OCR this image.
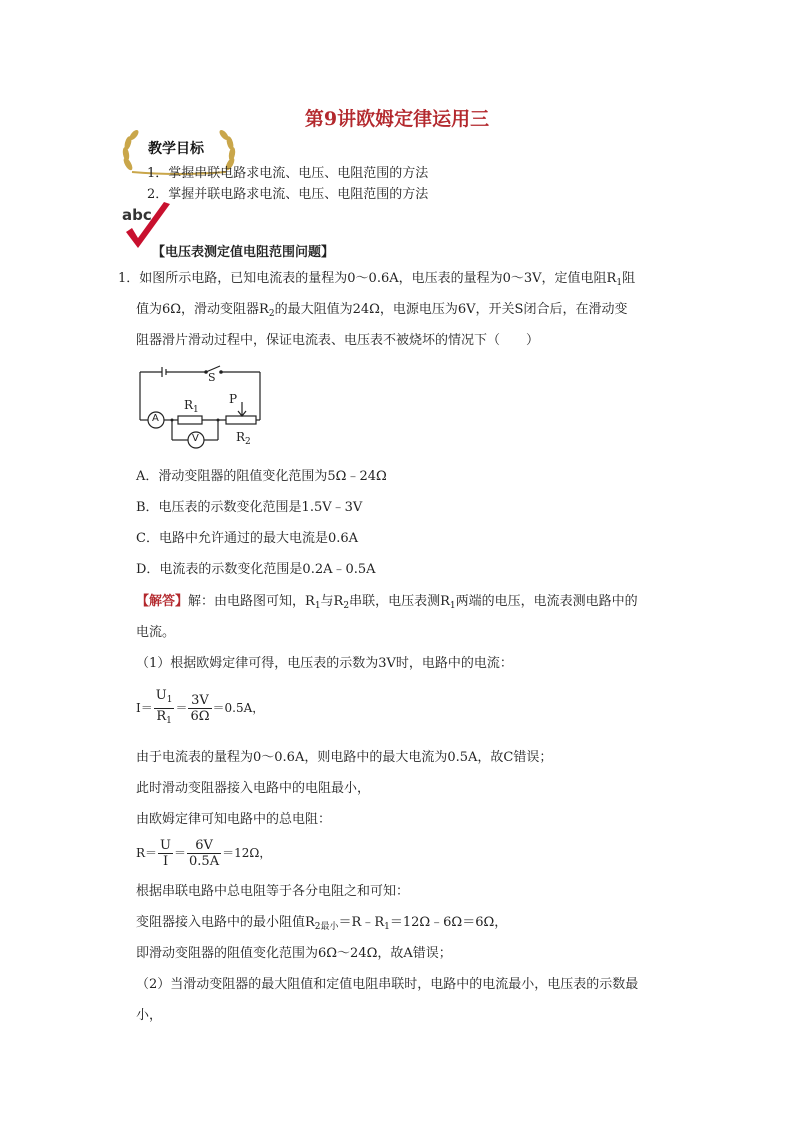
第9讲欧姆定律运用三
教学目标
1．掌握串联电路求电流、电压、电阻范围的方法
2．掌握并联电路求电流、电压、电阻范围的方法
abc
【电压表测定值电阻范围问题】
1．如图所示电路，已知电流表的量程为0～0.6A，电压表的量程为0～3V，定值电阻$R_1$阻
值为6Ω，滑动变阻器$R_2$的最大阻值为24Ω，电源电压为6V，开关S闭合后，在滑动变
阻器滑片滑动过程中，保证电流表、电压表不被烧坏的情况下（　　）
A
V
S
$R_1$
P
$R_2$
A．滑动变阻器的阻值变化范围为5Ω﹣24Ω
B．电压表的示数变化范围是1.5V﹣3V
C．电路中允许通过的最大电流是0.6A
D．电流表的示数变化范围是0.2A﹣0.5A
【解答】解：由电路图可知，$R_1$与$R_2$串联，电压表测$R_1$两端的电压，电流表测电路中的
电流。
（1）根据欧姆定律可得，电压表的示数为3V时，电路中的电流：
$I= \frac{U_1}{R_1} = \frac{3V}{6\Omega} =0.5A$，
由于电流表的量程为0～0.6A，则电路中的最大电流为0.5A，故C错误；
此时滑动变阻器接入电路中的电阻最小，
由欧姆定律可知电路中的总电阻：
$R= \frac{U}{I} = \frac{6V}{0.5A} =12\Omega$，
根据串联电路中总电阻等于各分电阻之和可知：
变阻器接入电路中的最小阻值$R_{2最小}=R﹣R_1=12\Omega﹣6\Omega=6\Omega$，
即滑动变阻器的阻值变化范围为6Ω～24Ω，故A错误；
（2）当滑动变阻器的最大阻值和定值电阻串联时，电路中的电流最小，电压表的示数最
小，
